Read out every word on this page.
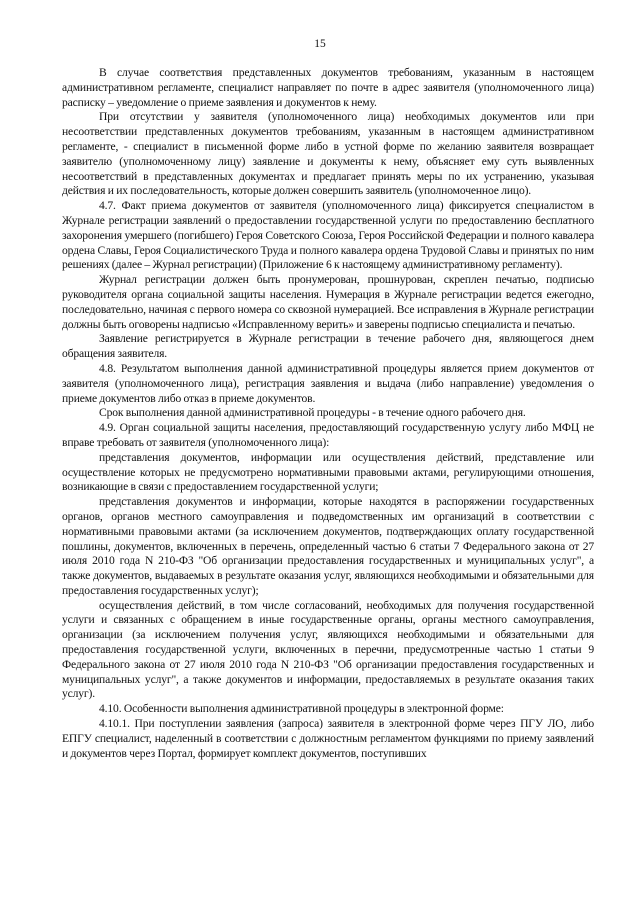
15

В случае соответствия представленных документов требованиям, указанным в настоящем административном регламенте, специалист направляет по почте в адрес заявителя (уполномоченного лица) расписку – уведомление о приеме заявления и документов к нему.

При отсутствии у заявителя (уполномоченного лица) необходимых документов или при несоответствии представленных документов требованиям, указанным в настоящем административном регламенте, - специалист в письменной форме либо в устной форме по желанию заявителя возвращает заявителю (уполномоченному лицу) заявление и документы к нему, объясняет ему суть выявленных несоответствий в представленных документах и предлагает принять меры по их устранению, указывая действия и их последовательность, которые должен совершить заявитель (уполномоченное лицо).

4.7. Факт приема документов от заявителя (уполномоченного лица) фиксируется специалистом в Журнале регистрации заявлений о предоставлении государственной услуги по предоставлению бесплатного захоронения умершего (погибшего) Героя Советского Союза, Героя Российской Федерации и полного кавалера ордена Славы, Героя Социалистического Труда и полного кавалера ордена Трудовой Славы и принятых по ним решениях (далее – Журнал регистрации) (Приложение 6 к настоящему административному регламенту).

Журнал регистрации должен быть пронумерован, прошнурован, скреплен печатью, подписью руководителя органа социальной защиты населения. Нумерация в Журнале регистрации ведется ежегодно, последовательно, начиная с первого номера со сквозной нумерацией. Все исправления в Журнале регистрации должны быть оговорены надписью «Исправленному верить» и заверены подписью специалиста и печатью.

Заявление регистрируется в Журнале регистрации в течение рабочего дня, являющегося днем обращения заявителя.

4.8. Результатом выполнения данной административной процедуры является прием документов от заявителя (уполномоченного лица), регистрация заявления и выдача (либо направление) уведомления о приеме документов либо отказ в приеме документов.

Срок выполнения данной административной процедуры - в течение одного рабочего дня.

4.9. Орган социальной защиты населения, предоставляющий государственную услугу либо МФЦ не вправе требовать от заявителя (уполномоченного лица):

представления документов, информации или осуществления действий, представление или осуществление которых не предусмотрено нормативными правовыми актами, регулирующими отношения, возникающие в связи с предоставлением государственной услуги;

представления документов и информации, которые находятся в распоряжении государственных органов, органов местного самоуправления и подведомственных им организаций в соответствии с нормативными правовыми актами (за исключением документов, подтверждающих оплату государственной пошлины, документов, включенных в перечень, определенный частью 6 статьи 7 Федерального закона от 27 июля 2010 года N 210-ФЗ "Об организации предоставления государственных и муниципальных услуг", а также документов, выдаваемых в результате оказания услуг, являющихся необходимыми и обязательными для предоставления государственных услуг);

осуществления действий, в том числе согласований, необходимых для получения государственной услуги и связанных с обращением в иные государственные органы, органы местного самоуправления, организации (за исключением получения услуг, являющихся необходимыми и обязательными для предоставления государственной услуги, включенных в перечни, предусмотренные частью 1 статьи 9 Федерального закона от 27 июля 2010 года N 210-ФЗ "Об организации предоставления государственных и муниципальных услуг", а также документов и информации, предоставляемых в результате оказания таких услуг).

4.10. Особенности выполнения административной процедуры в электронной форме:

4.10.1. При поступлении заявления (запроса) заявителя в электронной форме через ПГУ ЛО, либо ЕПГУ специалист, наделенный в соответствии с должностным регламентом функциями по приему заявлений и документов через Портал, формирует комплект документов, поступивших
